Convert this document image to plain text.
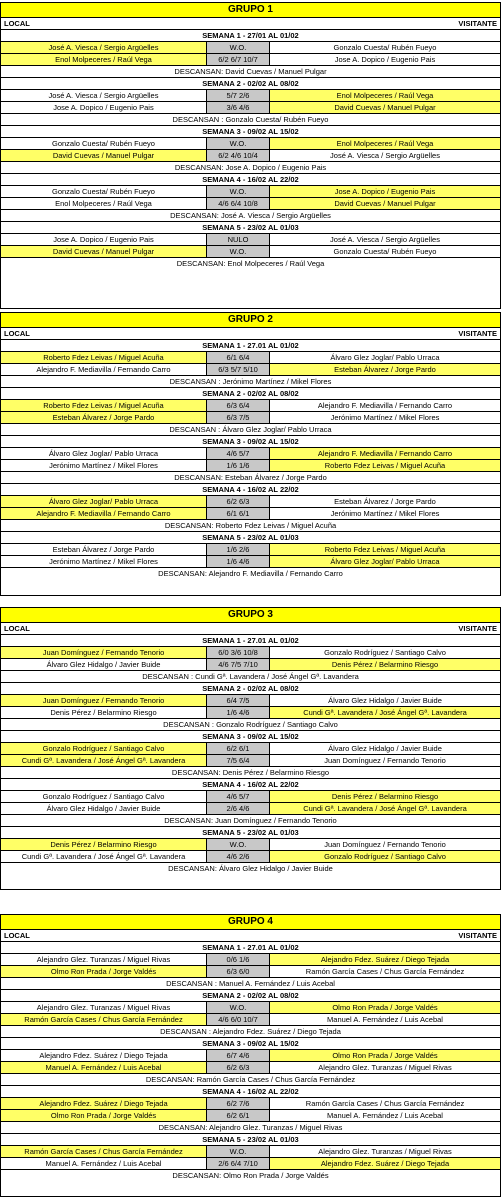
GRUPO 1
LOCAL	VISITANTE
SEMANA 1 - 27/01 AL 01/02
José A. Viesca / Sergio Argüelles	W.O.	Gonzalo Cuesta/ Rubén Fueyo
Enol Molpeceres / Raúl Vega	6/2 6/7 10/7	Jose A. Dopico / Eugenio Pais
DESCANSAN: David Cuevas / Manuel Pulgar
SEMANA 2 - 02/02 AL 08/02
José A. Viesca / Sergio Argüelles	5/7 2/6	Enol Molpeceres / Raúl Vega
Jose A. Dopico / Eugenio Pais	3/6 4/6	David Cuevas / Manuel Pulgar
DESCANSAN : Gonzalo Cuesta/ Rubén Fueyo
SEMANA 3 - 09/02 AL 15/02
Gonzalo Cuesta/ Rubén Fueyo	W.O.	Enol Molpeceres / Raúl Vega
David Cuevas / Manuel Pulgar	6/2 4/6 10/4	José A. Viesca / Sergio Argüelles
DESCANSAN: Jose A. Dopico / Eugenio Pais
SEMANA 4 - 16/02 AL 22/02
Gonzalo Cuesta/ Rubén Fueyo	W.O.	Jose A. Dopico / Eugenio Pais
Enol Molpeceres / Raúl Vega	4/6 6/4 10/8	David Cuevas / Manuel Pulgar
DESCANSAN: José A. Viesca / Sergio Argüelles
SEMANA 5 - 23/02 AL 01/03
Jose A. Dopico / Eugenio Pais	NULO	José A. Viesca / Sergio Argüelles
David Cuevas / Manuel Pulgar	W.O.	Gonzalo Cuesta/ Rubén Fueyo
DESCANSAN: Enol Molpeceres / Raúl Vega
GRUPO 2
LOCAL	VISITANTE
SEMANA 1 - 27.01 AL 01/02
Roberto Fdez Leivas / Miguel Acuña	6/1 6/4	Álvaro Glez Joglar/ Pablo Urraca
Alejandro F. Mediavilla / Fernando Carro	6/3 5/7 5/10	Esteban Álvarez / Jorge Pardo
DESCANSAN : Jerónimo Martínez / Mikel Flores
SEMANA 2 - 02/02 AL 08/02
Roberto Fdez Leivas / Miguel Acuña	6/3 6/4	Alejandro F. Mediavilla / Fernando Carro
Esteban Álvarez / Jorge Pardo	6/3 7/5	Jerónimo Martínez / Mikel Flores
DESCANSAN : Álvaro Glez Joglar/ Pablo Urraca
SEMANA 3 - 09/02 AL 15/02
Álvaro Glez Joglar/ Pablo Urraca	4/6 5/7	Alejandro F. Mediavilla / Fernando Carro
Jerónimo Martínez / Mikel Flores	1/6 1/6	Roberto Fdez Leivas / Miguel Acuña
DESCANSAN: Esteban Álvarez / Jorge Pardo
SEMANA 4 - 16/02 AL 22/02
Álvaro Glez Joglar/ Pablo Urraca	6/2 6/3	Esteban Álvarez / Jorge Pardo
Alejandro F. Mediavilla / Fernando Carro	6/1 6/1	Jerónimo Martínez / Mikel Flores
DESCANSAN: Roberto Fdez Leivas / Miguel Acuña
SEMANA 5 - 23/02 AL 01/03
Esteban Álvarez / Jorge Pardo	1/6 2/6	Roberto Fdez Leivas / Miguel Acuña
Jerónimo Martínez / Mikel Flores	1/6 4/6	Álvaro Glez Joglar/ Pablo Urraca
DESCANSAN: Alejandro F. Mediavilla / Fernando Carro
GRUPO 3
LOCAL	VISITANTE
SEMANA 1 - 27.01 AL 01/02
Juan Domínguez / Fernando Tenorio	6/0 3/6 10/8	Gonzalo Rodríguez / Santiago Calvo
Álvaro Glez Hidalgo / Javier Buide	4/6 7/5 7/10	Denis Pérez / Belarmino Riesgo
DESCANSAN : Cundi Gª. Lavandera / José Ángel Gª. Lavandera
SEMANA 2 - 02/02 AL 08/02
Juan Domínguez / Fernando Tenorio	6/4 7/5	Álvaro Glez Hidalgo / Javier Buide
Denis Pérez / Belarmino Riesgo	1/6 4/6	Cundi Gª. Lavandera / José Ángel Gª. Lavandera
DESCANSAN : Gonzalo Rodríguez / Santiago Calvo
SEMANA 3 - 09/02 AL 15/02
Gonzalo Rodríguez / Santiago Calvo	6/2 6/1	Álvaro Glez Hidalgo / Javier Buide
Cundi Gª. Lavandera / José Ángel Gª. Lavandera	7/5 6/4	Juan Domínguez / Fernando Tenorio
DESCANSAN: Denis Pérez / Belarmino Riesgo
SEMANA 4 - 16/02 AL 22/02
Gonzalo Rodríguez / Santiago Calvo	4/6 5/7	Denis Pérez / Belarmino Riesgo
Álvaro Glez Hidalgo / Javier Buide	2/6 4/6	Cundi Gª. Lavandera / José Ángel Gª. Lavandera
DESCANSAN: Juan Domínguez / Fernando Tenorio
SEMANA 5 - 23/02 AL 01/03
Denis Pérez / Belarmino Riesgo	W.O.	Juan Domínguez / Fernando Tenorio
Cundi Gª. Lavandera / José Ángel Gª. Lavandera	4/6 2/6	Gonzalo Rodríguez / Santiago Calvo
DESCANSAN: Álvaro Glez Hidalgo / Javier Buide
GRUPO 4
LOCAL	VISITANTE
SEMANA 1 - 27.01 AL 01/02
Alejandro Glez. Turanzas / Miguel Rivas	0/6 1/6	Alejandro Fdez. Suárez / Diego Tejada
Olmo Ron Prada / Jorge Valdés	6/3 6/0	Ramón García Cases / Chus García Fernández
DESCANSAN : Manuel A. Fernández / Luis Acebal
SEMANA 2 - 02/02 AL 08/02
Alejandro Glez. Turanzas / Miguel Rivas	W.O.	Olmo Ron Prada / Jorge Valdés
Ramón García Cases / Chus García Fernández	4/6 6/0 10/7	Manuel A. Fernández / Luis Acebal
DESCANSAN : Alejandro Fdez. Suárez / Diego Tejada
SEMANA 3 - 09/02 AL 15/02
Alejandro Fdez. Suárez / Diego Tejada	6/7 4/6	Olmo Ron Prada / Jorge Valdés
Manuel A. Fernández / Luis Acebal	6/2 6/3	Alejandro Glez. Turanzas / Miguel Rivas
DESCANSAN: Ramón García Cases / Chus García Fernández
SEMANA 4 - 16/02 AL 22/02
Alejandro Fdez. Suárez / Diego Tejada	6/2 7/6	Ramón García Cases / Chus García Fernández
Olmo Ron Prada / Jorge Valdés	6/2 6/1	Manuel A. Fernández / Luis Acebal
DESCANSAN: Alejandro Glez. Turanzas / Miguel Rivas
SEMANA 5 - 23/02 AL 01/03
Ramón García Cases / Chus García Fernández	W.O.	Alejandro Glez. Turanzas / Miguel Rivas
Manuel A. Fernández / Luis Acebal	2/6 6/4 7/10	Alejandro Fdez. Suárez / Diego Tejada
DESCANSAN: Olmo Ron Prada / Jorge Valdés
